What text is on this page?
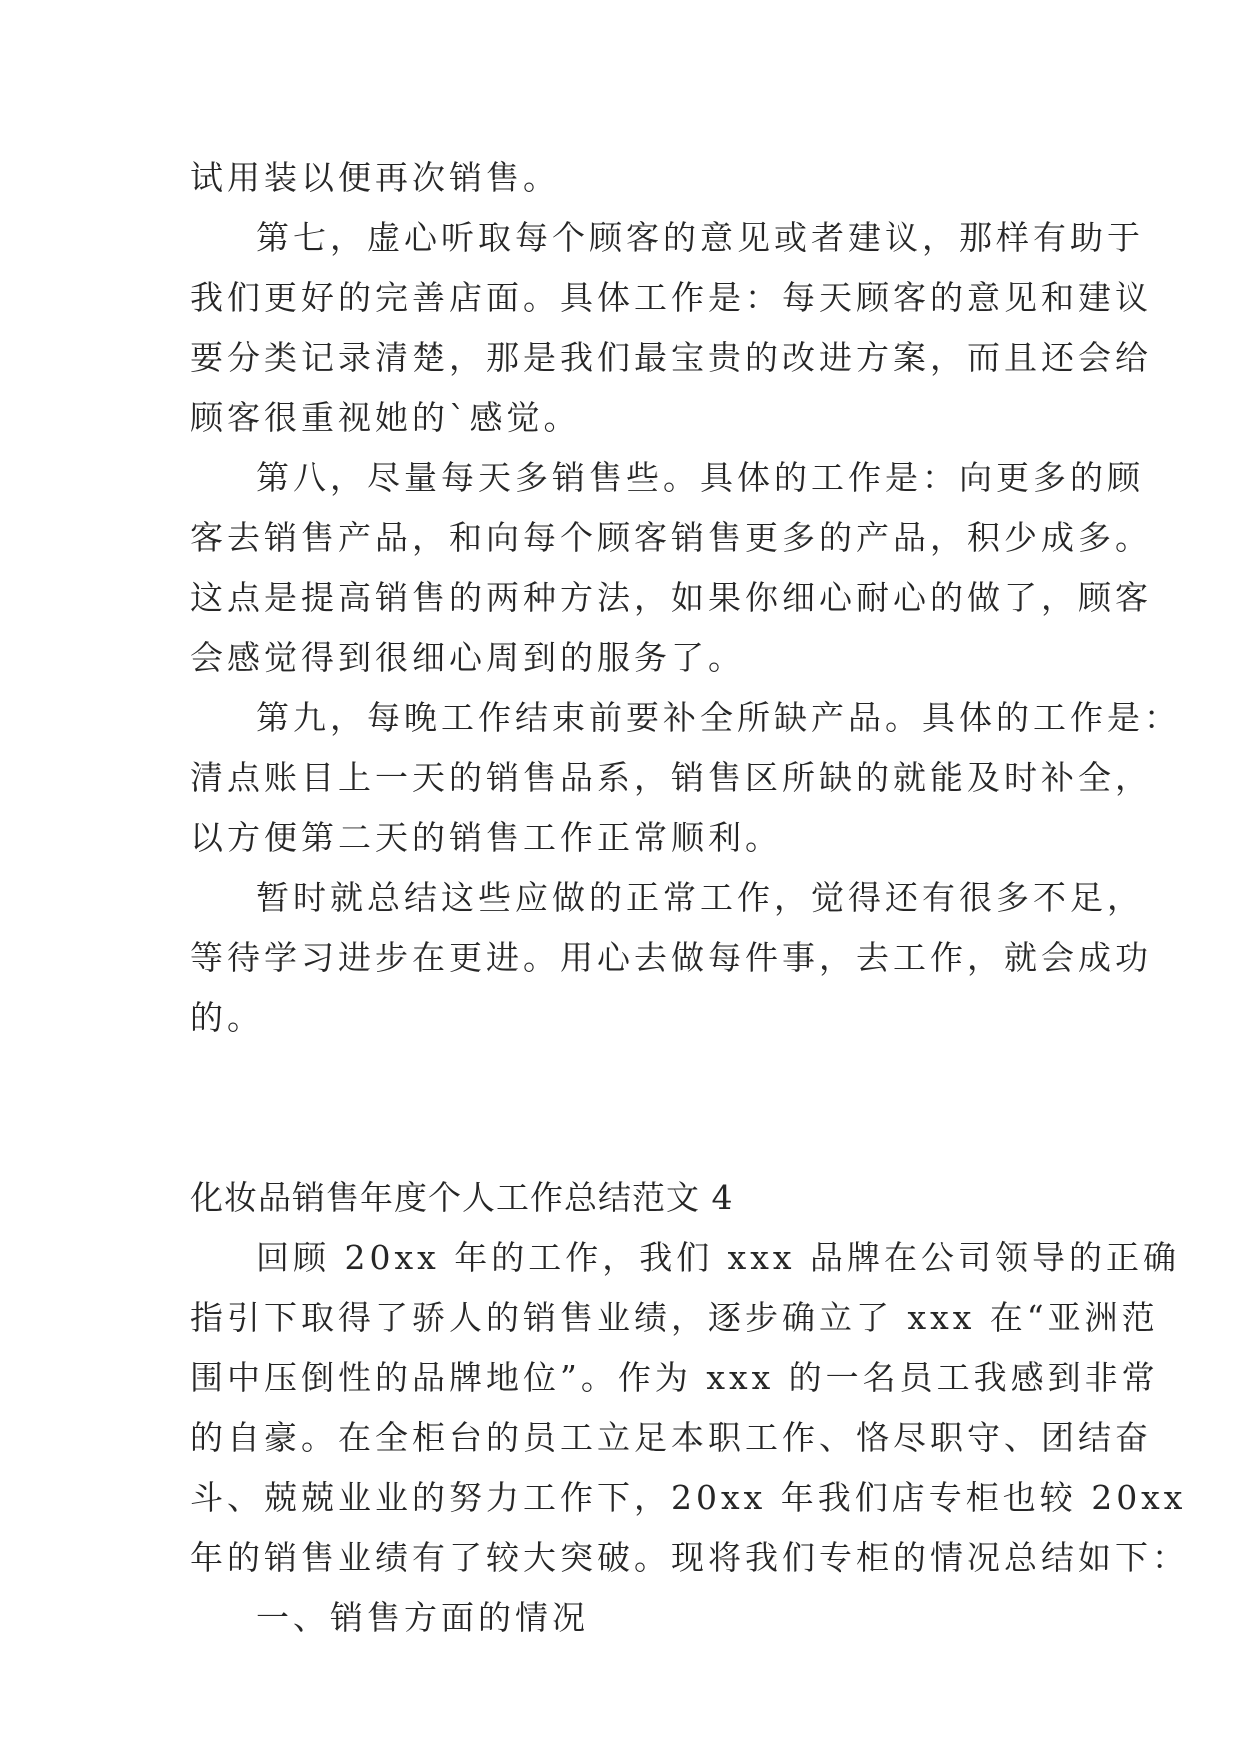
试用装以便再次销售。
第七，虚心听取每个顾客的意见或者建议，那样有助于
我们更好的完善店面。具体工作是：每天顾客的意见和建议
要分类记录清楚，那是我们最宝贵的改进方案，而且还会给
顾客很重视她的`感觉。
第八，尽量每天多销售些。具体的工作是：向更多的顾
客去销售产品，和向每个顾客销售更多的产品，积少成多。
这点是提高销售的两种方法，如果你细心耐心的做了，顾客
会感觉得到很细心周到的服务了。
第九，每晚工作结束前要补全所缺产品。具体的工作是：
清点账目上一天的销售品系，销售区所缺的就能及时补全，
以方便第二天的销售工作正常顺利。
暂时就总结这些应做的正常工作，觉得还有很多不足，
等待学习进步在更进。用心去做每件事，去工作，就会成功
的。
化妆品销售年度个人工作总结范文 4
回顾 20xx 年的工作，我们 xxx 品牌在公司领导的正确
指引下取得了骄人的销售业绩，逐步确立了 xxx 在“亚洲范
围中压倒性的品牌地位”。作为 xxx 的一名员工我感到非常
的自豪。在全柜台的员工立足本职工作、恪尽职守、团结奋
斗、兢兢业业的努力工作下，20xx 年我们店专柜也较 20xx
年的销售业绩有了较大突破。现将我们专柜的情况总结如下：
一、销售方面的情况
